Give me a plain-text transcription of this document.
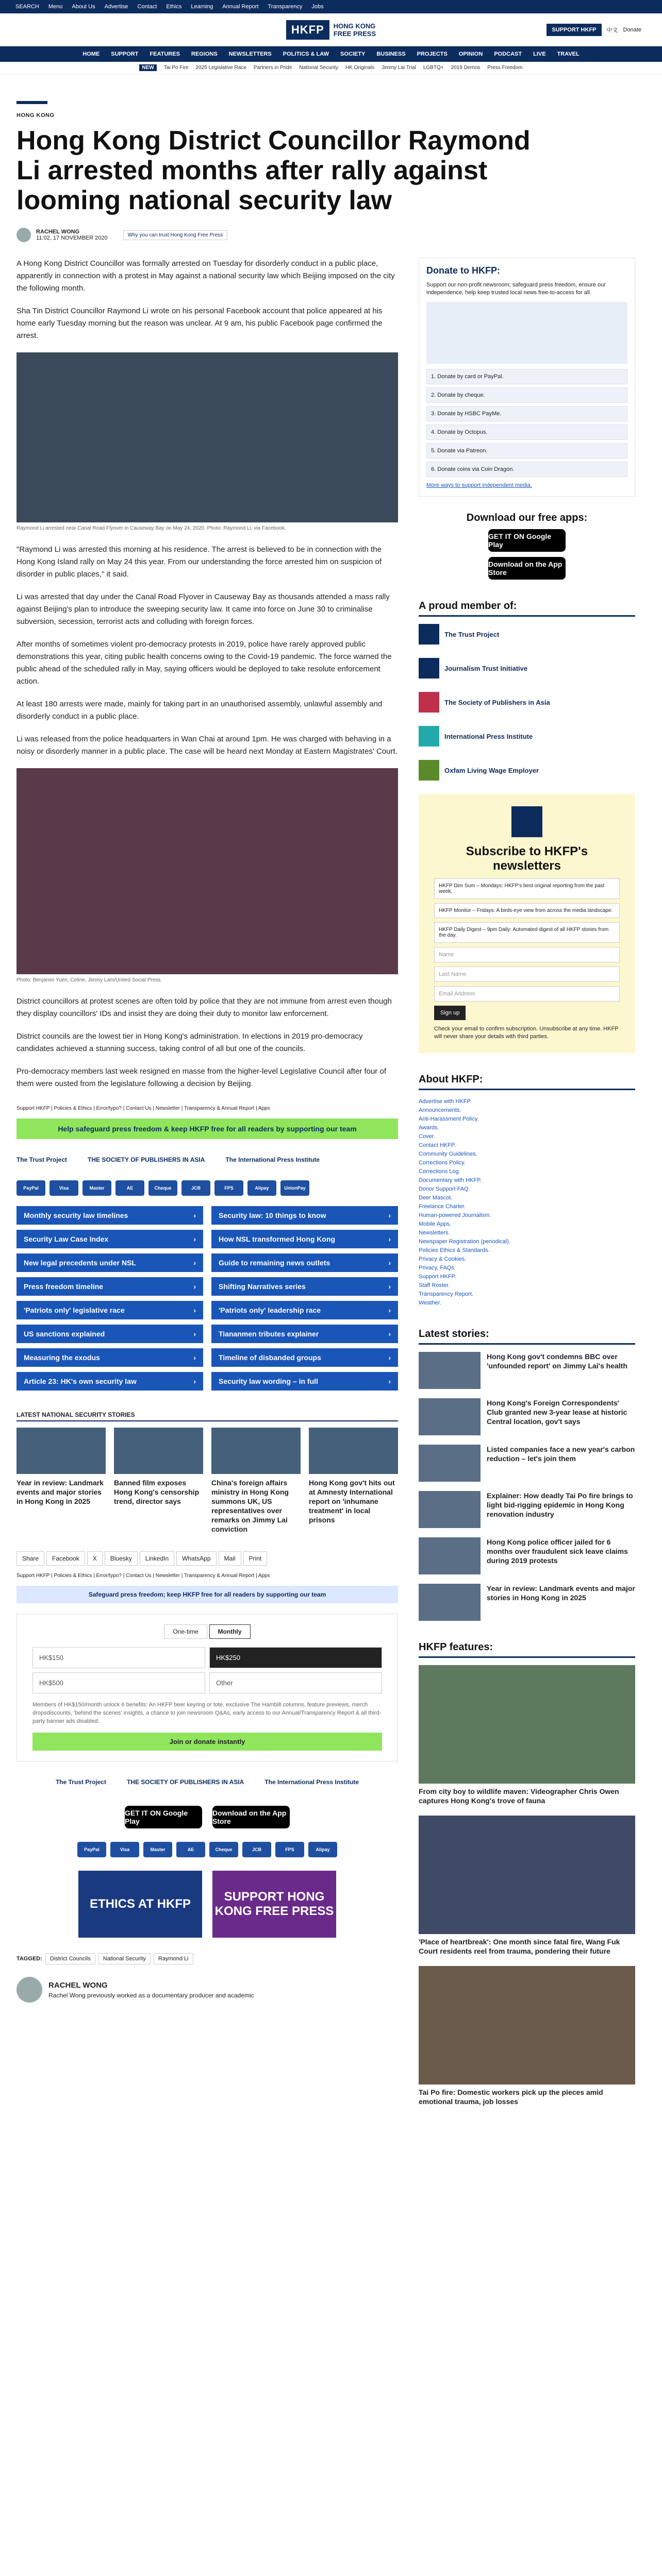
SEARCH Menu About Us Advertise Contact Ethics Learning Annual Report Transparency Jobs
HKFP	HONG KONG
FREE PRESS	SUPPORT HKFP	中文 Donate
HOME SUPPORT FEATURES REGIONS NEWSLETTERS POLITICS & LAW SOCIETY BUSINESS PROJECTS OPINION PODCAST LIVE TRAVEL
NEW	Tai Po Fire 2025 Legislative Race Partners in Pride National Security HK Originals Jimmy Lai Trial LGBTQ+ 2019 Demos Press Freedom
HONG KONG
Hong Kong District Councillor Raymond Li arrested months after rally against looming national security law
RACHEL WONG
11:02, 17 NOVEMBER 2020	Why you can trust Hong Kong Free Press

A Hong Kong District Councillor was formally arrested on Tuesday for disorderly conduct in a public place, apparently in connection with a protest in May against a national security law which Beijing imposed on the city the following month.

Sha Tin District Councillor Raymond Li wrote on his personal Facebook account that police appeared at his home early Tuesday morning but the reason was unclear. At 9 am, his public Facebook page confirmed the arrest.

Raymond Li arrested near Canal Road Flyover in Causeway Bay on May 24, 2020. Photo: Raymond Li, via Facebook.

"Raymond Li was arrested this morning at his residence. The arrest is believed to be in connection with the Hong Kong Island rally on May 24 this year. From our understanding the force arrested him on suspicion of disorder in public places," it said.

Li was arrested that day under the Canal Road Flyover in Causeway Bay as thousands attended a mass rally against Beijing's plan to introduce the sweeping security law. It came into force on June 30 to criminalise subversion, secession, terrorist acts and colluding with foreign forces.

After months of sometimes violent pro-democracy protests in 2019, police have rarely approved public demonstrations this year, citing public health concerns owing to the Covid-19 pandemic. The force warned the public ahead of the scheduled rally in May, saying officers would be deployed to take resolute enforcement action.

At least 180 arrests were made, mainly for taking part in an unauthorised assembly, unlawful assembly and disorderly conduct in a public place.

Li was released from the police headquarters in Wan Chai at around 1pm. He was charged with behaving in a noisy or disorderly manner in a public place. The case will be heard next Monday at Eastern Magistrates' Court.

Photo: Benjamin Yuen, Celine, Jimmy Lam/United Social Press.

District councillors at protest scenes are often told by police that they are not immune from arrest even though they display councillors' IDs and insist they are doing their duty to monitor law enforcement.

District councils are the lowest tier in Hong Kong's administration. In elections in 2019 pro-democracy candidates achieved a stunning success, taking control of all but one of the councils.

Pro-democracy members last week resigned en masse from the higher-level Legislative Council after four of them were ousted from the legislature following a decision by Beijing.

Support HKFP | Policies & Ethics | Error/typo? | Contact Us | Newsletter | Transparency & Annual Report | Apps
Help safeguard press freedom & keep HKFP free for all readers by supporting our team
The Trust Project	THE SOCIETY OF PUBLISHERS IN ASIA	The International Press Institute
PayPal	Visa	Master	AE	Cheque	JCB	FPS	Alipay	UnionPay
Monthly security law timelines	›	Security law: 10 things to know	›
Security Law Case Index	›	How NSL transformed Hong Kong	›
New legal precedents under NSL	›	Guide to remaining news outlets	›
Press freedom timeline	›	Shifting Narratives series	›
'Patriots only' legislative race	›	'Patriots only' leadership race	›
US sanctions explained	›	Tiananmen tributes explainer	›
Measuring the exodus	›	Timeline of disbanded groups	›
Article 23: HK's own security law	›	Security law wording – in full	›
LATEST NATIONAL SECURITY STORIES
Year in review: Landmark events and major stories in Hong Kong in 2025
Banned film exposes Hong Kong's censorship trend, director says
China's foreign affairs ministry in Hong Kong summons UK, US representatives over remarks on Jimmy Lai conviction
Hong Kong gov't hits out at Amnesty International report on 'inhumane treatment' in local prisons
Share	Facebook	X	Bluesky	LinkedIn	WhatsApp	Mail	Print
Support HKFP | Policies & Ethics | Error/typo? | Contact Us | Newsletter | Transparency & Annual Report | Apps
Safeguard press freedom; keep HKFP free for all readers by supporting our team
One-time	Monthly
HK$150	HK$250
HK$500	Other
Members of HK$150/month unlock 6 benefits: An HKFP beer keyring or tote, exclusive The Hambilt columns, feature previews, merch dropsdiscounts, 'behind the scenes' insights, a chance to join newsroom Q&As, early access to our Annual/Transparency Report & all third-party banner ads disabled.
Join or donate instantly
The Trust Project	THE SOCIETY OF PUBLISHERS IN ASIA	The International Press Institute
GET IT ON Google Play
Download on the App Store
PayPal	Visa	Master	AE	Cheque	JCB	FPS	Alipay
ETHICS AT HKFP
SUPPORT HONG KONG FREE PRESS
TAGGED:	District Councils	National Security	Raymond Li
RACHEL WONG
Rachel Wong previously worked as a documentary producer and academic
Donate to HKFP:

Support our non-profit newsroom; safeguard press freedom, ensure our independence, help keep trusted local news free-to-access for all.

1. Donate by card or PayPal.
2. Donate by cheque.
3. Donate by HSBC PayMe.
4. Donate by Octopus.
5. Donate via Patreon.
6. Donate coins via Coin Dragon.
More ways to support independent media.
Download our free apps:
GET IT ON Google Play
Download on the App Store
A proud member of:
The Trust Project
Journalism Trust Initiative
The Society of Publishers in Asia
International Press Institute
Oxfam Living Wage Employer
Subscribe to HKFP's newsletters
HKFP Dim Sum – Mondays: HKFP's best original reporting from the past week.
HKFP Monitor – Fridays: A birds-eye view from across the media landscape.
HKFP Daily Digest – 9pm Daily: Automated digest of all HKFP stories from the day.
Name
Last Name
Email Address
Sign up

Check your email to confirm subscription. Unsubscribe at any time. HKFP will never share your details with third parties.

About HKFP:
Advertise with HKFP.
Announcements.
Anti-Harassment Policy.
Awards.
Cover.
Contact HKFP.
Community Guidelines.
Corrections Policy.
Corrections Log.
Documentary with HKFP.
Donor Support FAQ.
Deer Mascot.
Freelance Charter.
Human-powered Journalism.
Mobile Apps.
Newsletters.
Newspaper Registration (periodical).
Policies Ethics & Standards.
Privacy & Cookies.
Privacy, FAQs.
Support HKFP.
Staff Roster.
Transparency Report.
Weather.
Latest stories:
Hong Kong gov't condemns BBC over 'unfounded report' on Jimmy Lai's health
Hong Kong's Foreign Correspondents' Club granted new 3-year lease at historic Central location, gov't says
Listed companies face a new year's carbon reduction – let's join them
Explainer: How deadly Tai Po fire brings to light bid-rigging epidemic in Hong Kong renovation industry
Hong Kong police officer jailed for 6 months over fraudulent sick leave claims during 2019 protests
Year in review: Landmark events and major stories in Hong Kong in 2025
HKFP features:
From city boy to wildlife maven: Videographer Chris Owen captures Hong Kong's trove of fauna
'Place of heartbreak': One month since fatal fire, Wang Fuk Court residents reel from trauma, pondering their future
Tai Po fire: Domestic workers pick up the pieces amid emotional trauma, job losses
